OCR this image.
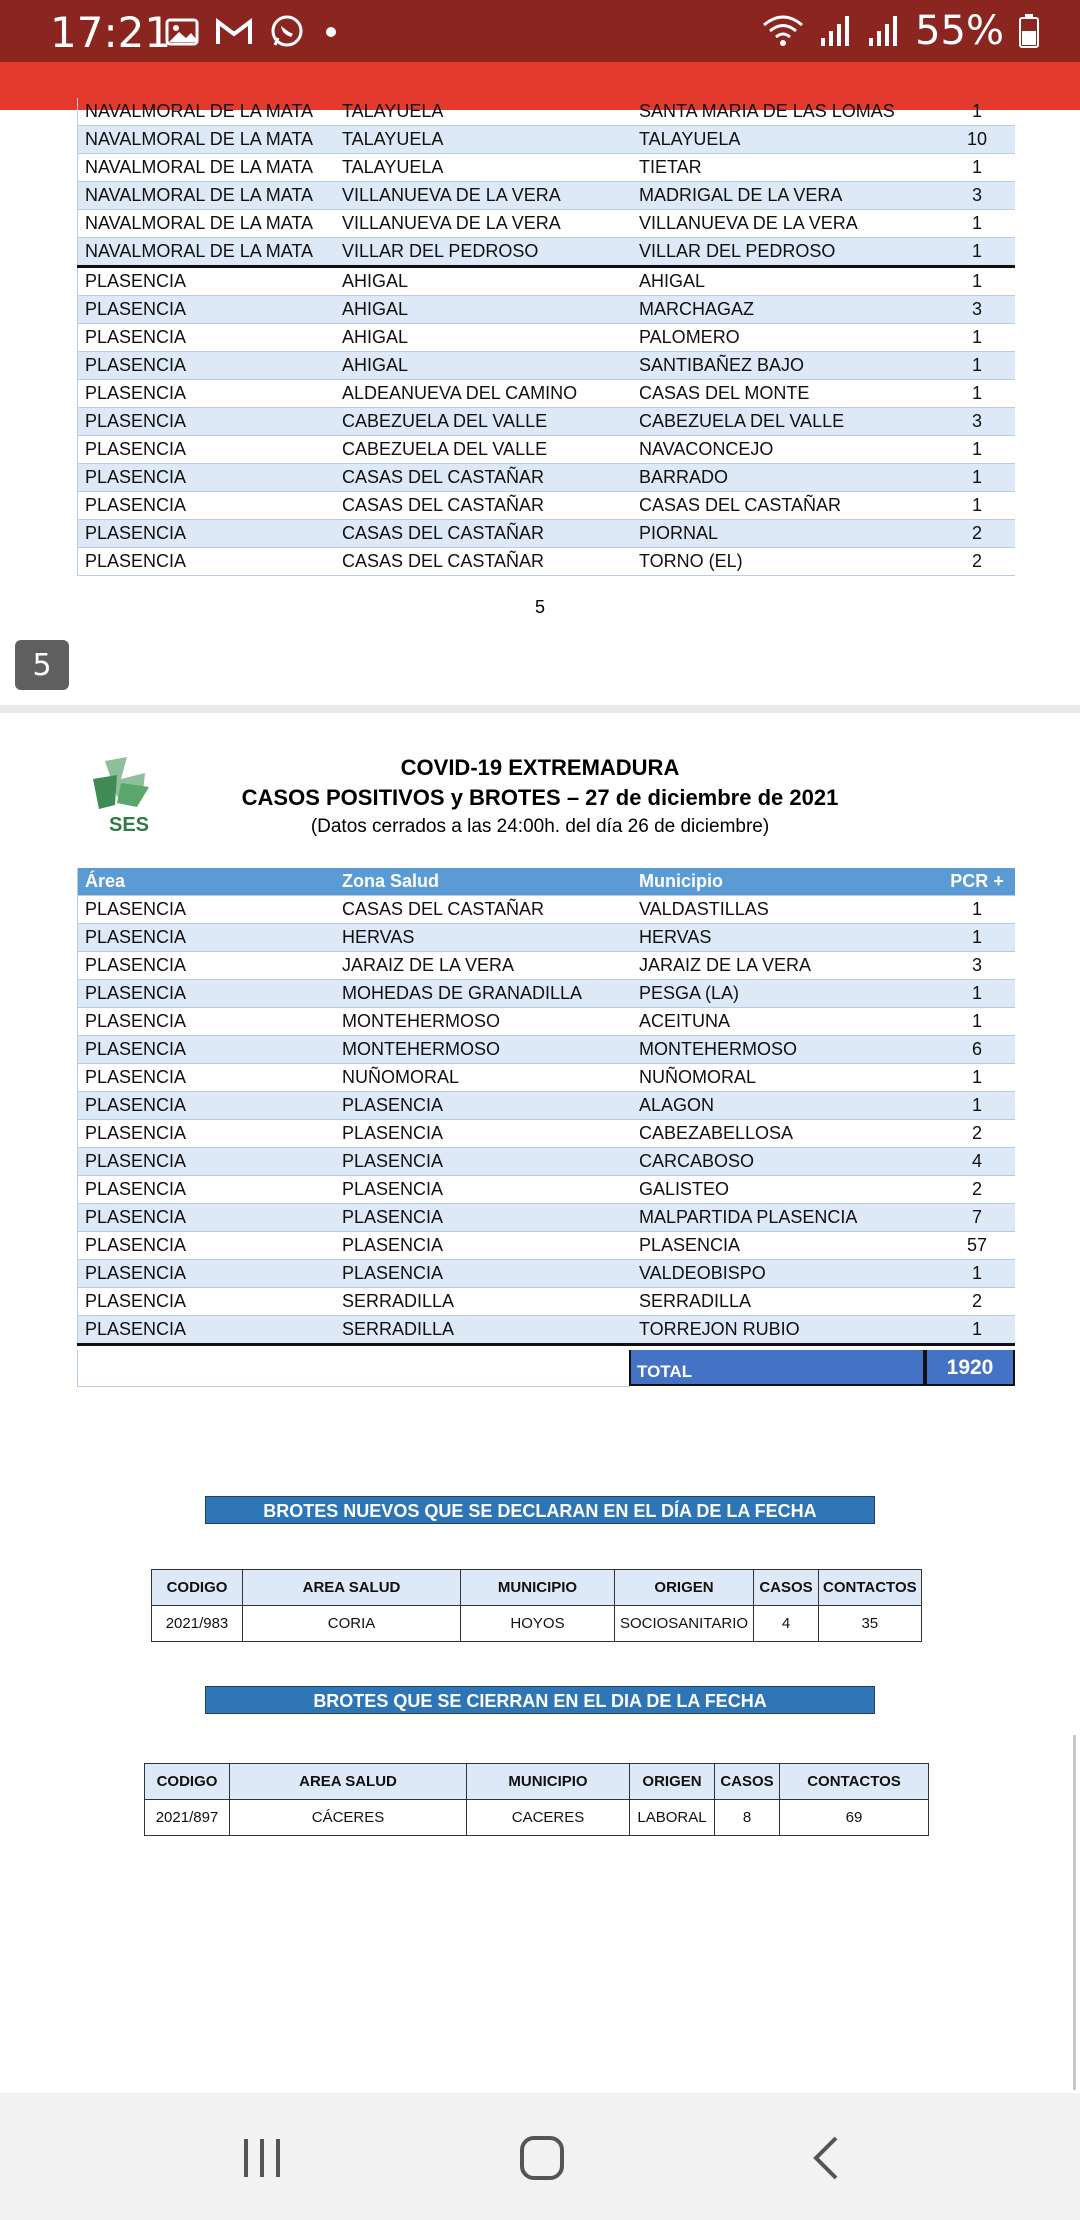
17:21	55%
NAVALMORAL DE LA MATA	TALAYUELA	SANTA MARIA DE LAS LOMAS	1
NAVALMORAL DE LA MATA	TALAYUELA	TALAYUELA	10
NAVALMORAL DE LA MATA	TALAYUELA	TIETAR	1
NAVALMORAL DE LA MATA	VILLANUEVA DE LA VERA	MADRIGAL DE LA VERA	3
NAVALMORAL DE LA MATA	VILLANUEVA DE LA VERA	VILLANUEVA DE LA VERA	1
NAVALMORAL DE LA MATA	VILLAR DEL PEDROSO	VILLAR DEL PEDROSO	1
PLASENCIA	AHIGAL	AHIGAL	1
PLASENCIA	AHIGAL	MARCHAGAZ	3
PLASENCIA	AHIGAL	PALOMERO	1
PLASENCIA	AHIGAL	SANTIBAÑEZ BAJO	1
PLASENCIA	ALDEANUEVA DEL CAMINO	CASAS DEL MONTE	1
PLASENCIA	CABEZUELA DEL VALLE	CABEZUELA DEL VALLE	3
PLASENCIA	CABEZUELA DEL VALLE	NAVACONCEJO	1
PLASENCIA	CASAS DEL CASTAÑAR	BARRADO	1
PLASENCIA	CASAS DEL CASTAÑAR	CASAS DEL CASTAÑAR	1
PLASENCIA	CASAS DEL CASTAÑAR	PIORNAL	2
PLASENCIA	CASAS DEL CASTAÑAR	TORNO (EL)	2
5
5
SES
COVID-19 EXTREMADURA
CASOS POSITIVOS y BROTES – 27 de diciembre de 2021
(Datos cerrados a las 24:00h. del día 26 de diciembre)
Área	Zona Salud	Municipio	PCR +
PLASENCIA	CASAS DEL CASTAÑAR	VALDASTILLAS	1
PLASENCIA	HERVAS	HERVAS	1
PLASENCIA	JARAIZ DE LA VERA	JARAIZ DE LA VERA	3
PLASENCIA	MOHEDAS DE GRANADILLA	PESGA (LA)	1
PLASENCIA	MONTEHERMOSO	ACEITUNA	1
PLASENCIA	MONTEHERMOSO	MONTEHERMOSO	6
PLASENCIA	NUÑOMORAL	NUÑOMORAL	1
PLASENCIA	PLASENCIA	ALAGON	1
PLASENCIA	PLASENCIA	CABEZABELLOSA	2
PLASENCIA	PLASENCIA	CARCABOSO	4
PLASENCIA	PLASENCIA	GALISTEO	2
PLASENCIA	PLASENCIA	MALPARTIDA PLASENCIA	7
PLASENCIA	PLASENCIA	PLASENCIA	57
PLASENCIA	PLASENCIA	VALDEOBISPO	1
PLASENCIA	SERRADILLA	SERRADILLA	2
PLASENCIA	SERRADILLA	TORREJON RUBIO	1
TOTAL	1920
BROTES NUEVOS QUE SE DECLARAN EN EL DÍA DE LA FECHA
CODIGO	AREA SALUD	MUNICIPIO	ORIGEN	CASOS	CONTACTOS
2021/983	CORIA	HOYOS	SOCIOSANITARIO	4	35
BROTES QUE SE CIERRAN EN EL DIA DE LA FECHA
CODIGO	AREA SALUD	MUNICIPIO	ORIGEN	CASOS	CONTACTOS
2021/897	CÁCERES	CACERES	LABORAL	8	69
